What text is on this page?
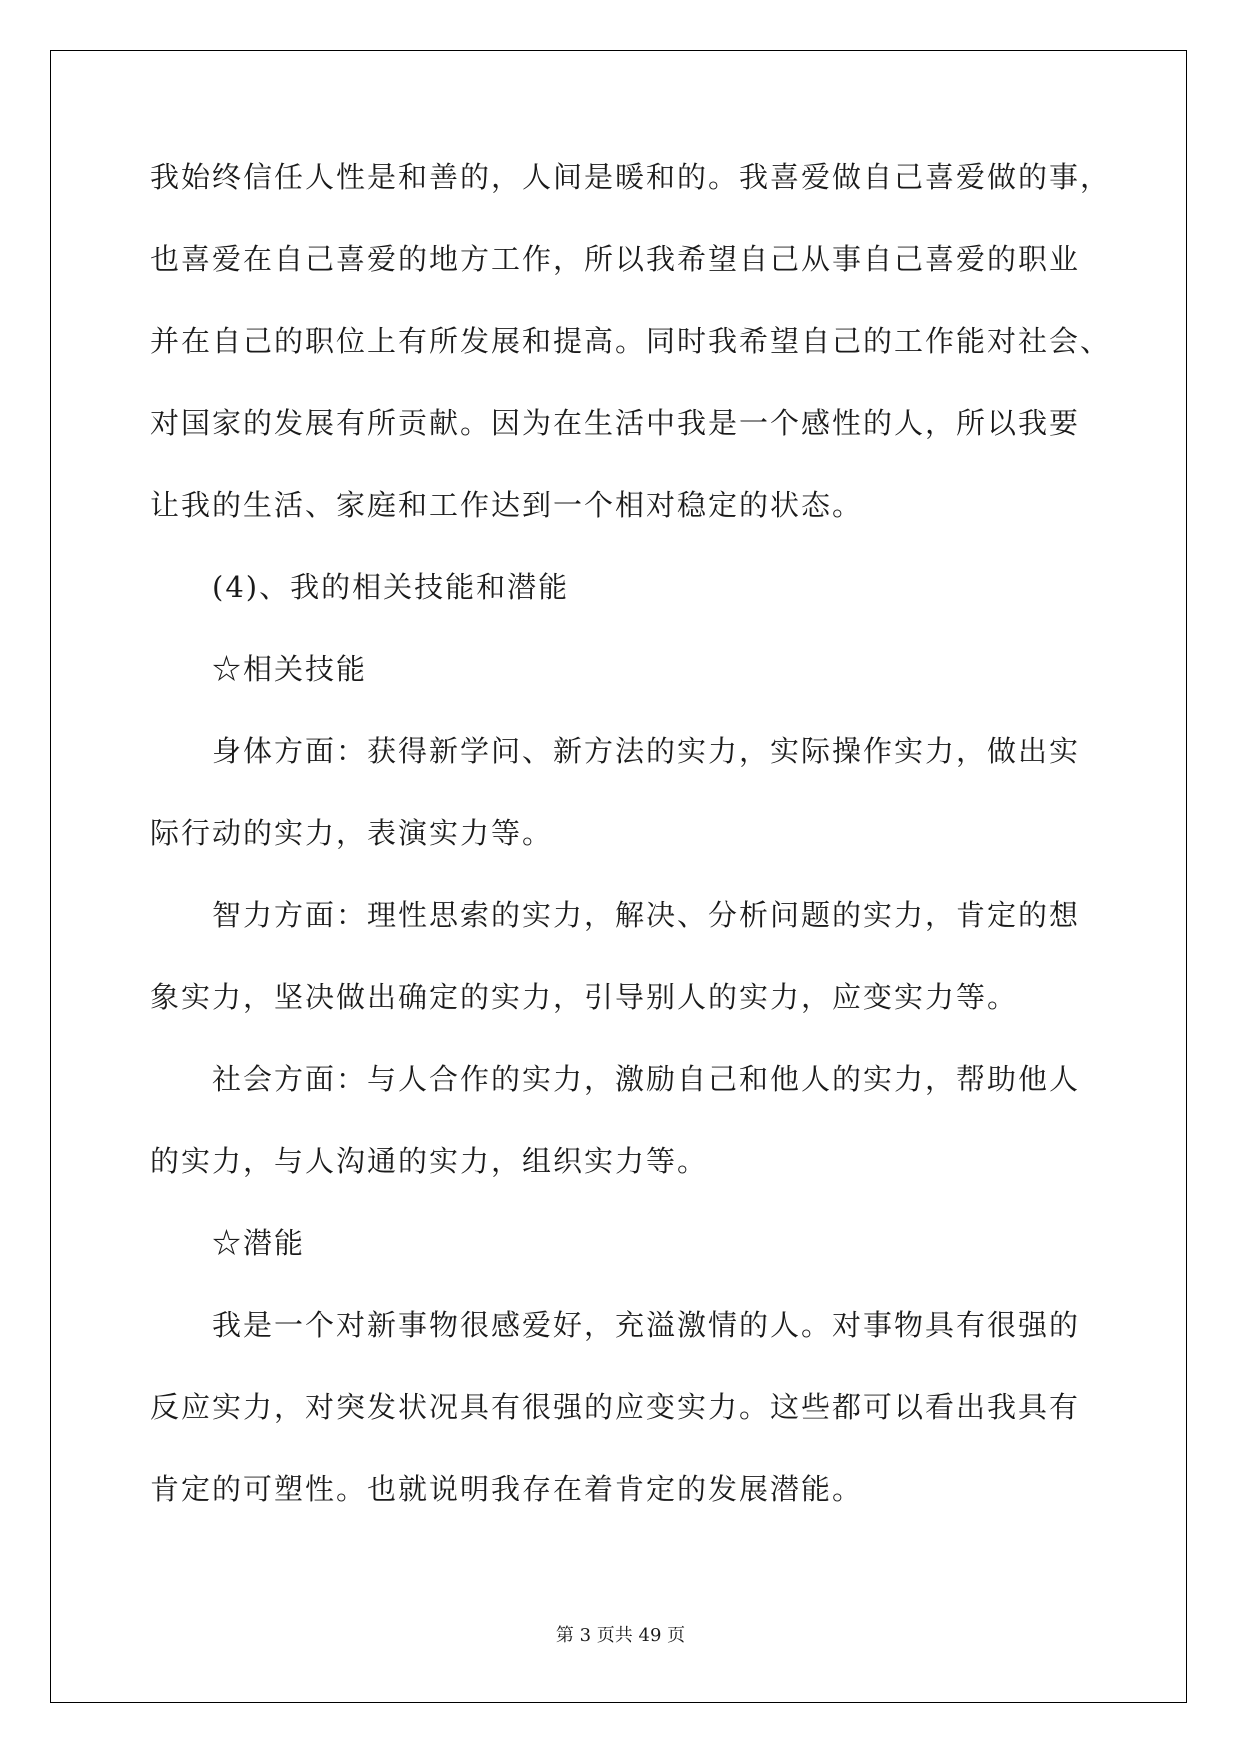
我始终信任人性是和善的，人间是暖和的。我喜爱做自己喜爱做的事，
也喜爱在自己喜爱的地方工作，所以我希望自己从事自己喜爱的职业
并在自己的职位上有所发展和提高。同时我希望自己的工作能对社会、
对国家的发展有所贡献。因为在生活中我是一个感性的人，所以我要
让我的生活、家庭和工作达到一个相对稳定的状态。
(4)、我的相关技能和潜能
☆相关技能
身体方面：获得新学问、新方法的实力，实际操作实力，做出实
际行动的实力，表演实力等。
智力方面：理性思索的实力，解决、分析问题的实力，肯定的想
象实力，坚决做出确定的实力，引导别人的实力，应变实力等。
社会方面：与人合作的实力，激励自己和他人的实力，帮助他人
的实力，与人沟通的实力，组织实力等。
☆潜能
我是一个对新事物很感爱好，充溢激情的人。对事物具有很强的
反应实力，对突发状况具有很强的应变实力。这些都可以看出我具有
肯定的可塑性。也就说明我存在着肯定的发展潜能。
第 3 页共 49 页
